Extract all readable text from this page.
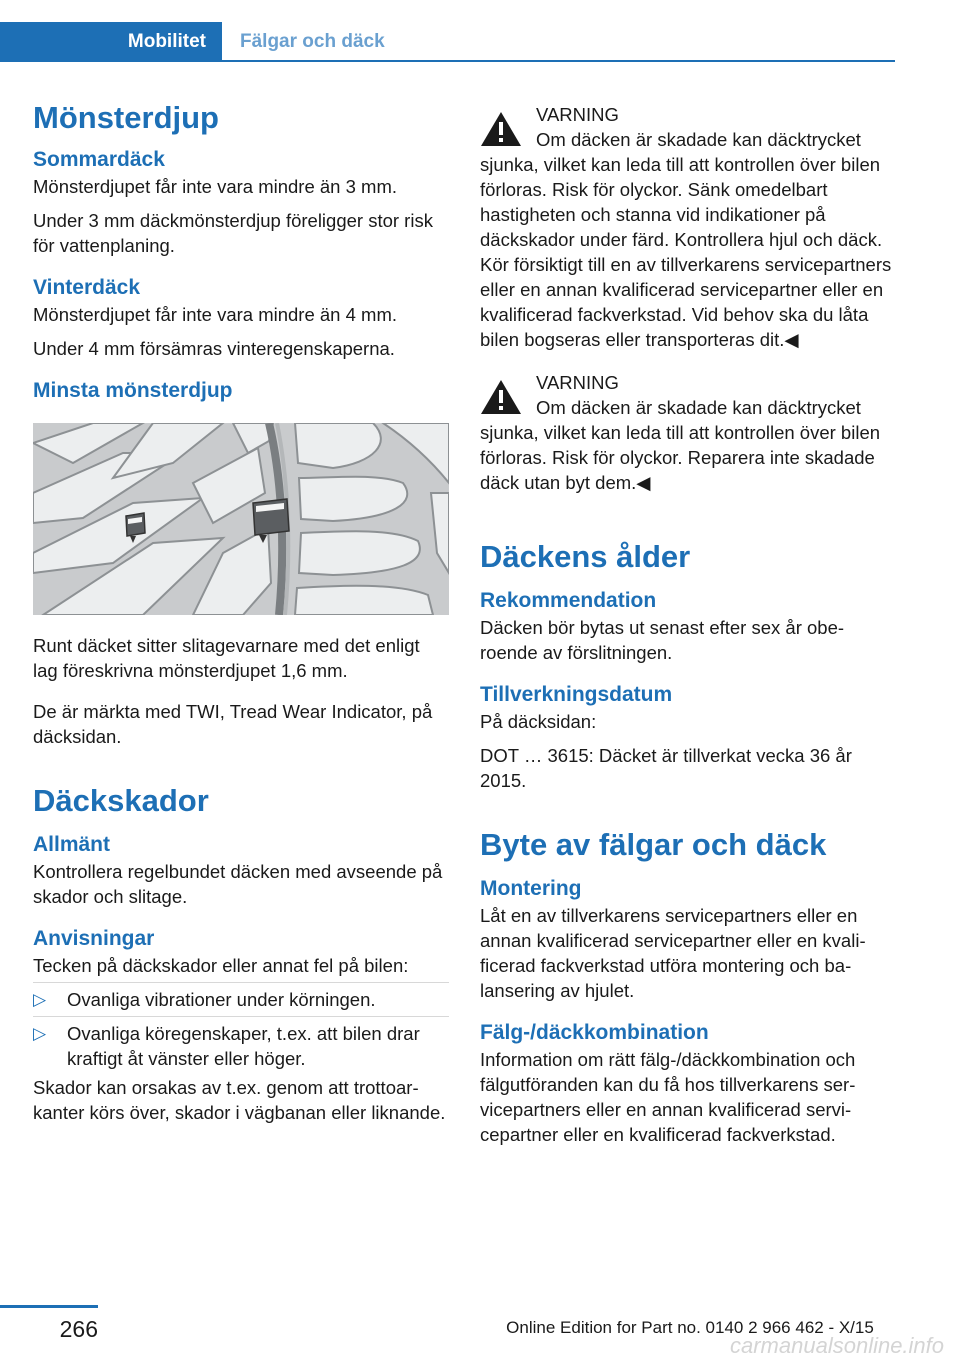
Mobilitet	Fälgar och däck
Mönsterdjup
Sommardäck

Mönsterdjupet får inte vara mindre än 3 mm.

Under 3 mm däckmönsterdjup föreligger stor risk för vattenplaning.

Vinterdäck

Mönsterdjupet får inte vara mindre än 4 mm.

Under 4 mm försämras vinteregenskaperna.

Minsta mönsterdjup

Runt däcket sitter slitagevarnare med det enligt lag föreskrivna mönsterdjupet 1,6 mm.

De är märkta med TWI, Tread Wear Indicator, på däcksidan.

Däckskador
Allmänt

Kontrollera regelbundet däcken med avseende på skador och slitage.

Anvisningar

Tecken på däckskador eller annat fel på bilen:

▷ Ovanliga vibrationer under körningen.
▷ Ovanliga köregenskaper, t.ex. att bilen drar kraftigt åt vänster eller höger.

Skador kan orsakas av t.ex. genom att trottoarkanter körs över, skador i vägbanan eller liknande.

VARNING

Om däcken är skadade kan däcktrycket

sjunka, vilket kan leda till att kontrollen över bilen förloras. Risk för olyckor. Sänk omedelbart hastigheten och stanna vid indikationer på däckskador under färd. Kontrollera hjul och däck. Kör försiktigt till en av tillverkarens servicepartners eller en annan kvalificerad servicepartner eller en kvalificerad fackverkstad. Vid behov ska du låta bilen bogseras eller transporteras dit.◀

VARNING

Om däcken är skadade kan däcktrycket

sjunka, vilket kan leda till att kontrollen över bilen förloras. Risk för olyckor. Reparera inte skadade däck utan byt dem.◀

Däckens ålder
Rekommendation

Däcken bör bytas ut senast efter sex år oberoende av förslitningen.

Tillverkningsdatum

På däcksidan:

DOT … 3615: Däcket är tillverkat vecka 36 år 2015.

Byte av fälgar och däck
Montering

Låt en av tillverkarens servicepartners eller en annan kvalificerad servicepartner eller en kvalificerad fackverkstad utföra montering och balansering av hjulet.

Fälg-/däckkombination

Information om rätt fälg-/däckkombination och fälgutföranden kan du få hos tillverkarens servicepartners eller en annan kvalificerad servicepartner eller en kvalificerad fackverkstad.

266	Online Edition for Part no. 0140 2 966 462 - X/15
carmanualsonline.info
